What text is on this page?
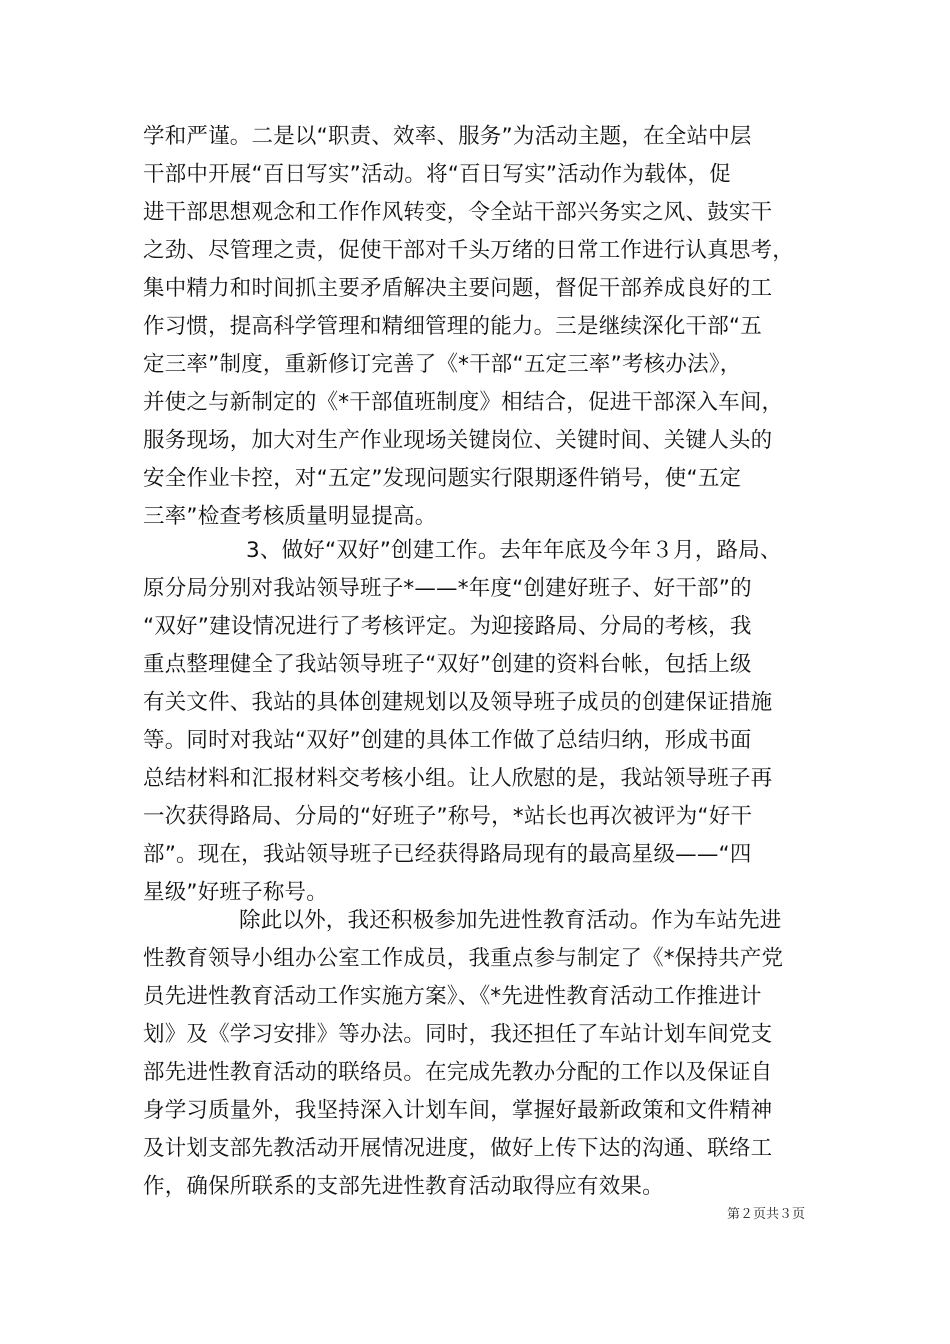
学和严谨。二是以“职责、效率、服务”为活动主题，在全站中层
干部中开展“百日写实”活动。将“百日写实”活动作为载体，促
进干部思想观念和工作作风转变，令全站干部兴务实之风、鼓实干
之劲、尽管理之责，促使干部对千头万绪的日常工作进行认真思考，
集中精力和时间抓主要矛盾解决主要问题，督促干部养成良好的工
作习惯，提高科学管理和精细管理的能力。三是继续深化干部“五
定三率”制度，重新修订完善了《*干部“五定三率”考核办法》，
并使之与新制定的《*干部值班制度》相结合，促进干部深入车间，
服务现场，加大对生产作业现场关键岗位、关键时间、关键人头的
安全作业卡控，对“五定”发现问题实行限期逐件销号，使“五定
三率”检查考核质量明显提高。
3、做好“双好”创建工作。去年年底及今年３月，路局、
原分局分别对我站领导班子*——*年度“创建好班子、好干部”的
“双好”建设情况进行了考核评定。为迎接路局、分局的考核，我
重点整理健全了我站领导班子“双好”创建的资料台帐，包括上级
有关文件、我站的具体创建规划以及领导班子成员的创建保证措施
等。同时对我站“双好”创建的具体工作做了总结归纳，形成书面
总结材料和汇报材料交考核小组。让人欣慰的是，我站领导班子再
一次获得路局、分局的“好班子”称号，*站长也再次被评为“好干
部”。现在，我站领导班子已经获得路局现有的最高星级——“四
星级”好班子称号。
除此以外，我还积极参加先进性教育活动。作为车站先进
性教育领导小组办公室工作成员，我重点参与制定了《*保持共产党
员先进性教育活动工作实施方案》、《*先进性教育活动工作推进计
划》及《学习安排》等办法。同时，我还担任了车站计划车间党支
部先进性教育活动的联络员。在完成先教办分配的工作以及保证自
身学习质量外，我坚持深入计划车间，掌握好最新政策和文件精神
及计划支部先教活动开展情况进度，做好上传下达的沟通、联络工
作，确保所联系的支部先进性教育活动取得应有效果。
第２页共３页
